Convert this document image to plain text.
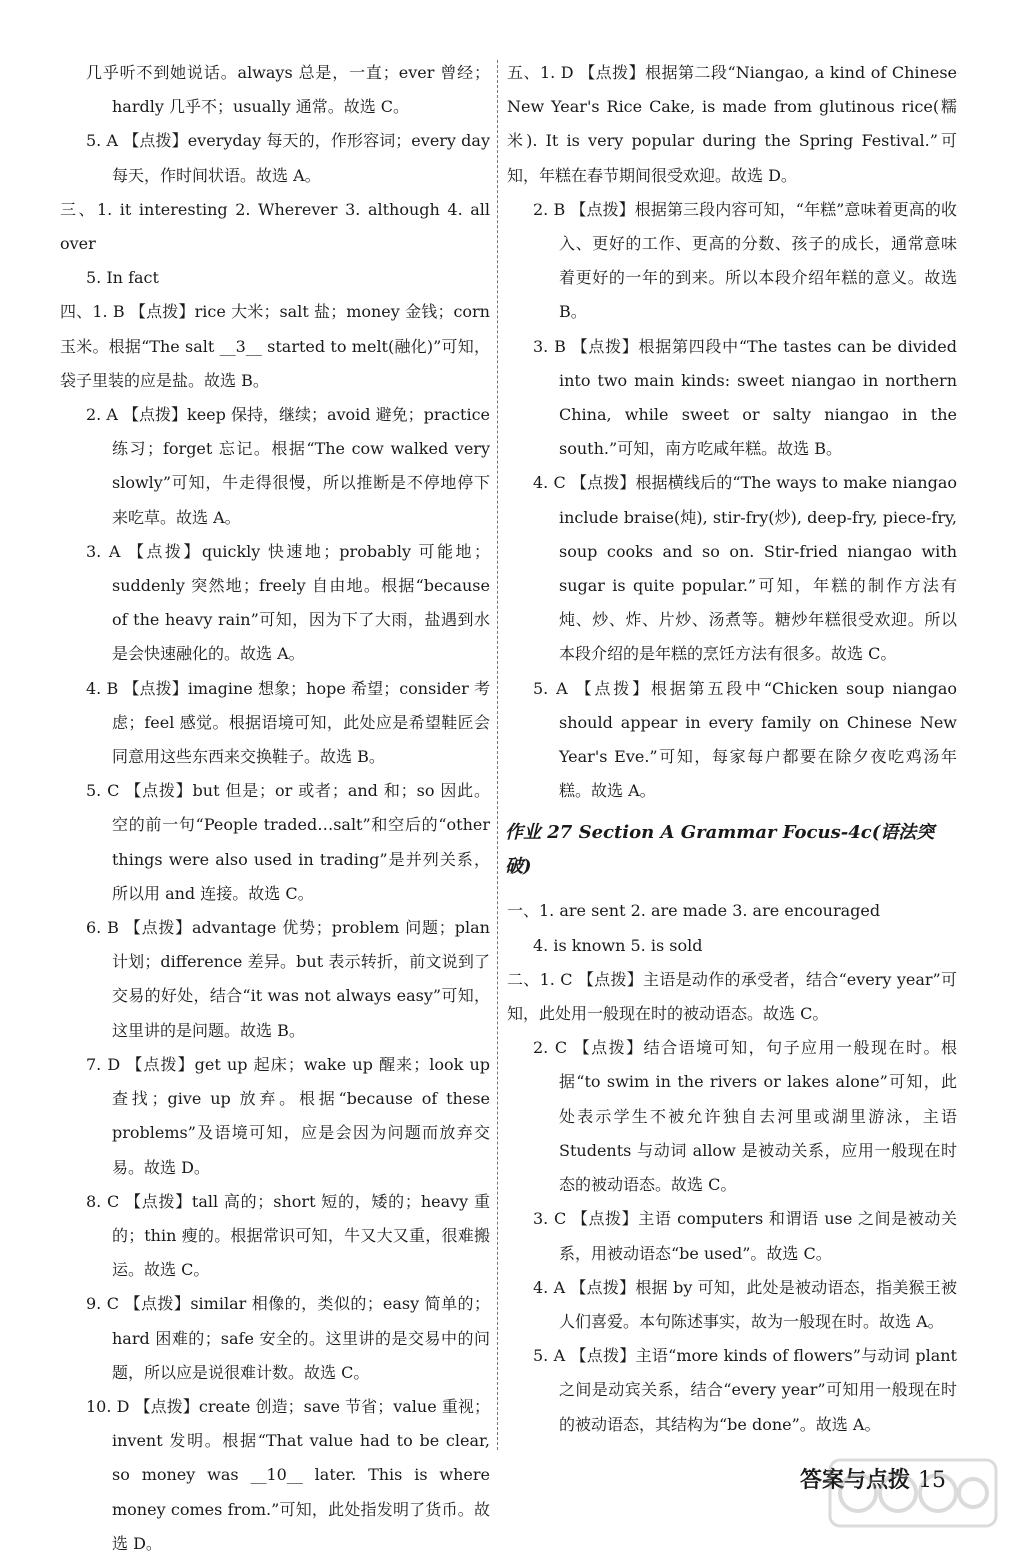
几乎听不到她说话。always 总是，一直；ever 曾经；hardly 几乎不；usually 通常。故选 C。

5. A 【点拨】everyday 每天的，作形容词；every day 每天，作时间状语。故选 A。

三、1. it interesting 2. Wherever 3. although 4. all over

5. In fact

四、1. B 【点拨】rice 大米；salt 盐；money 金钱；corn 玉米。根据“The salt __3__ started to melt(融化)”可知，袋子里装的应是盐。故选 B。

2. A 【点拨】keep 保持，继续；avoid 避免；practice 练习；forget 忘记。根据“The cow walked very slowly”可知，牛走得很慢，所以推断是不停地停下来吃草。故选 A。

3. A 【点拨】quickly 快速地；probably 可能地；suddenly 突然地；freely 自由地。根据“because of the heavy rain”可知，因为下了大雨，盐遇到水是会快速融化的。故选 A。

4. B 【点拨】imagine 想象；hope 希望；consider 考虑；feel 感觉。根据语境可知，此处应是希望鞋匠会同意用这些东西来交换鞋子。故选 B。

5. C 【点拨】but 但是；or 或者；and 和；so 因此。空的前一句“People traded…salt”和空后的“other things were also used in trading”是并列关系，所以用 and 连接。故选 C。

6. B 【点拨】advantage 优势；problem 问题；plan 计划；difference 差异。but 表示转折，前文说到了交易的好处，结合“it was not always easy”可知，这里讲的是问题。故选 B。

7. D 【点拨】get up 起床；wake up 醒来；look up 查找；give up 放弃。根据“because of these problems”及语境可知，应是会因为问题而放弃交易。故选 D。

8. C 【点拨】tall 高的；short 短的，矮的；heavy 重的；thin 瘦的。根据常识可知，牛又大又重，很难搬运。故选 C。

9. C 【点拨】similar 相像的，类似的；easy 简单的；hard 困难的；safe 安全的。这里讲的是交易中的问题，所以应是说很难计数。故选 C。

10. D 【点拨】create 创造；save 节省；value 重视；invent 发明。根据“That value had to be clear, so money was __10__ later. This is where money comes from.”可知，此处指发明了货币。故选 D。

五、1. D 【点拨】根据第二段“Niangao, a kind of Chinese New Year's Rice Cake, is made from glutinous rice(糯米). It is very popular during the Spring Festival.”可知，年糕在春节期间很受欢迎。故选 D。

2. B 【点拨】根据第三段内容可知，“年糕”意味着更高的收入、更好的工作、更高的分数、孩子的成长，通常意味着更好的一年的到来。所以本段介绍年糕的意义。故选 B。

3. B 【点拨】根据第四段中“The tastes can be divided into two main kinds: sweet niangao in northern China, while sweet or salty niangao in the south.”可知，南方吃咸年糕。故选 B。

4. C 【点拨】根据横线后的“The ways to make niangao include braise(炖), stir-fry(炒), deep-fry, piece-fry, soup cooks and so on. Stir-fried niangao with sugar is quite popular.”可知，年糕的制作方法有炖、炒、炸、片炒、汤煮等。糖炒年糕很受欢迎。所以本段介绍的是年糕的烹饪方法有很多。故选 C。

5. A 【点拨】根据第五段中“Chicken soup niangao should appear in every family on Chinese New Year's Eve.”可知，每家每户都要在除夕夜吃鸡汤年糕。故选 A。

作业 27 Section A Grammar Focus-4c(语法突破)

一、1. are sent 2. are made 3. are encouraged

4. is known 5. is sold

二、1. C 【点拨】主语是动作的承受者，结合“every year”可知，此处用一般现在时的被动语态。故选 C。

2. C 【点拨】结合语境可知，句子应用一般现在时。根据“to swim in the rivers or lakes alone”可知，此处表示学生不被允许独自去河里或湖里游泳，主语 Students 与动词 allow 是被动关系，应用一般现在时态的被动语态。故选 C。

3. C 【点拨】主语 computers 和谓语 use 之间是被动关系，用被动语态“be used”。故选 C。

4. A 【点拨】根据 by 可知，此处是被动语态，指美猴王被人们喜爱。本句陈述事实，故为一般现在时。故选 A。

5. A 【点拨】主语“more kinds of flowers”与动词 plant 之间是动宾关系，结合“every year”可知用一般现在时的被动语态，其结构为“be done”。故选 A。

答案与点拨 15
